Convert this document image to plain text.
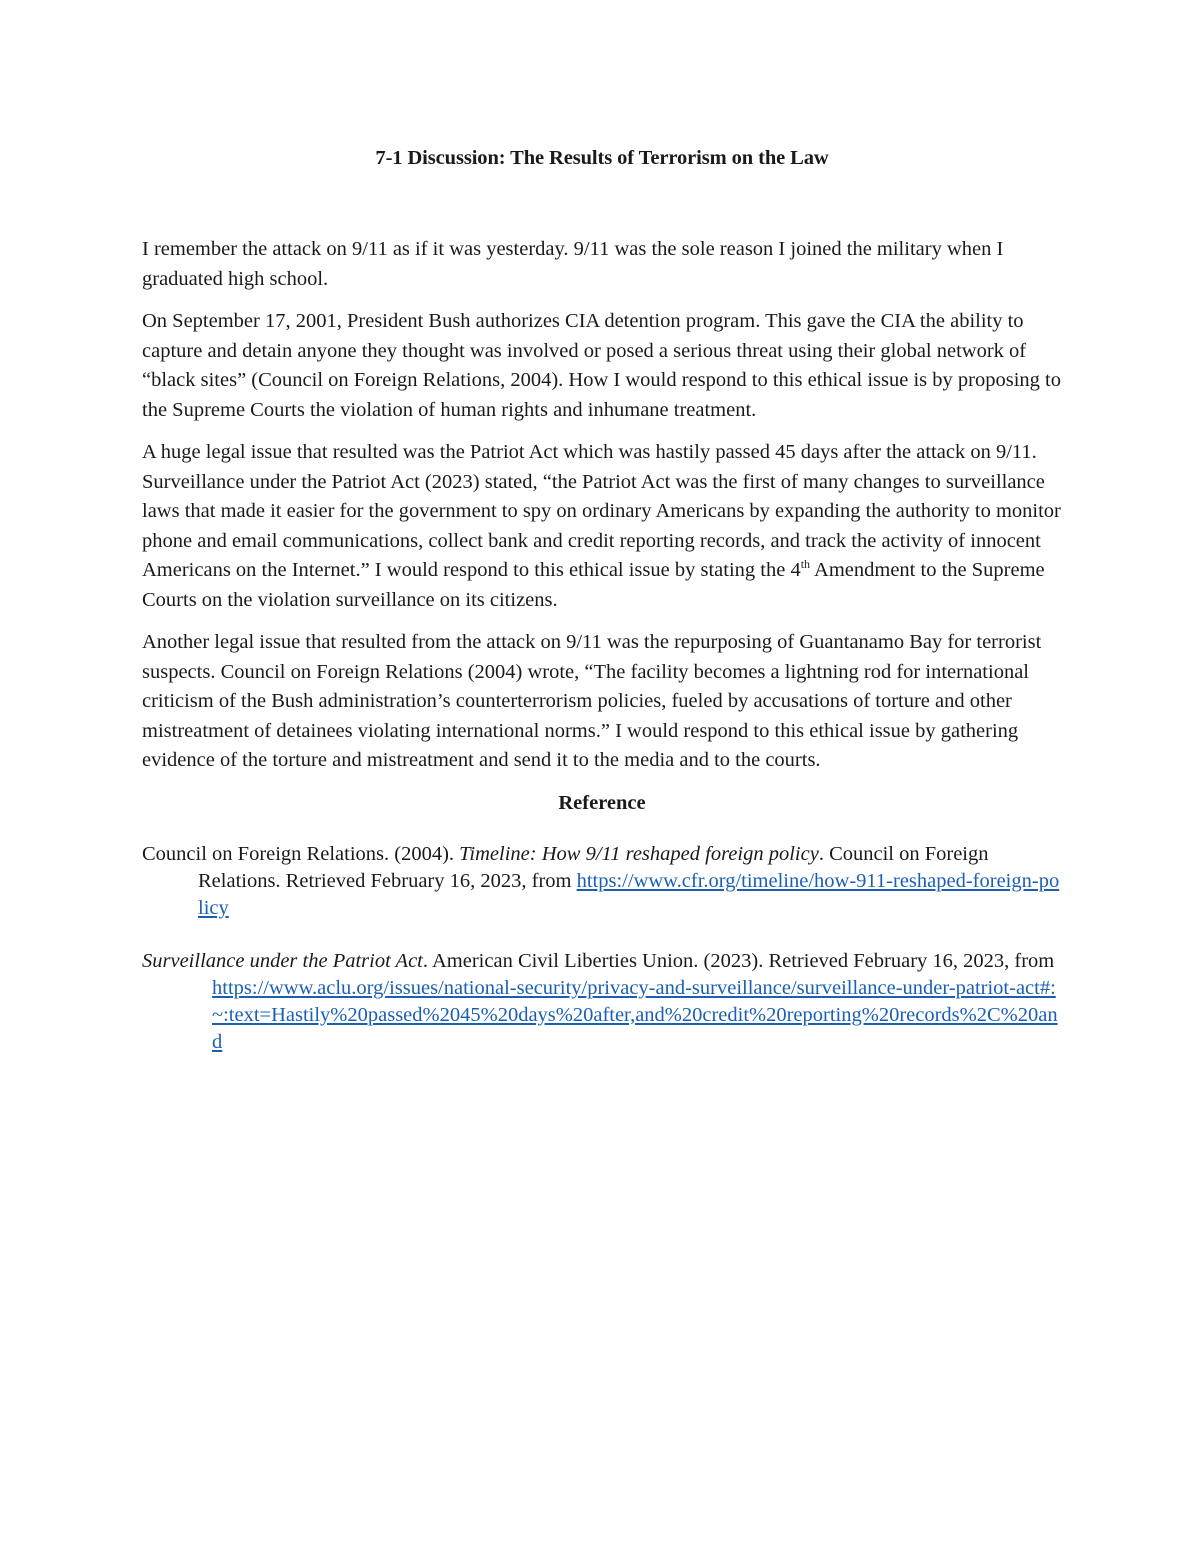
7-1 Discussion: The Results of Terrorism on the Law

I remember the attack on 9/11 as if it was yesterday. 9/11 was the sole reason I joined the military when I graduated high school.

On September 17, 2001, President Bush authorizes CIA detention program. This gave the CIA the ability to capture and detain anyone they thought was involved or posed a serious threat using their global network of “black sites” (Council on Foreign Relations, 2004). How I would respond to this ethical issue is by proposing to the Supreme Courts the violation of human rights and inhumane treatment.

A huge legal issue that resulted was the Patriot Act which was hastily passed 45 days after the attack on 9/11. Surveillance under the Patriot Act (2023) stated, “the Patriot Act was the first of many changes to surveillance laws that made it easier for the government to spy on ordinary Americans by expanding the authority to monitor phone and email communications, collect bank and credit reporting records, and track the activity of innocent Americans on the Internet.” I would respond to this ethical issue by stating the 4th Amendment to the Supreme Courts on the violation surveillance on its citizens.

Another legal issue that resulted from the attack on 9/11 was the repurposing of Guantanamo Bay for terrorist suspects. Council on Foreign Relations (2004) wrote, “The facility becomes a lightning rod for international criticism of the Bush administration’s counterterrorism policies, fueled by accusations of torture and other mistreatment of detainees violating international norms.” I would respond to this ethical issue by gathering evidence of the torture and mistreatment and send it to the media and to the courts.

Reference
Council on Foreign Relations. (2004). Timeline: How 9/11 reshaped foreign policy. Council on Foreign Relations. Retrieved February 16, 2023, from https://www.cfr.org/timeline/how-911-reshaped-foreign-policy
Surveillance under the Patriot Act. American Civil Liberties Union. (2023). Retrieved February 16, 2023, from https://www.aclu.org/issues/national-security/privacy-and-surveillance/surveillance-under-patriot-act#:~:text=Hastily%20passed%2045%20days%20after,and%20credit%20reporting%20records%2C%20and
